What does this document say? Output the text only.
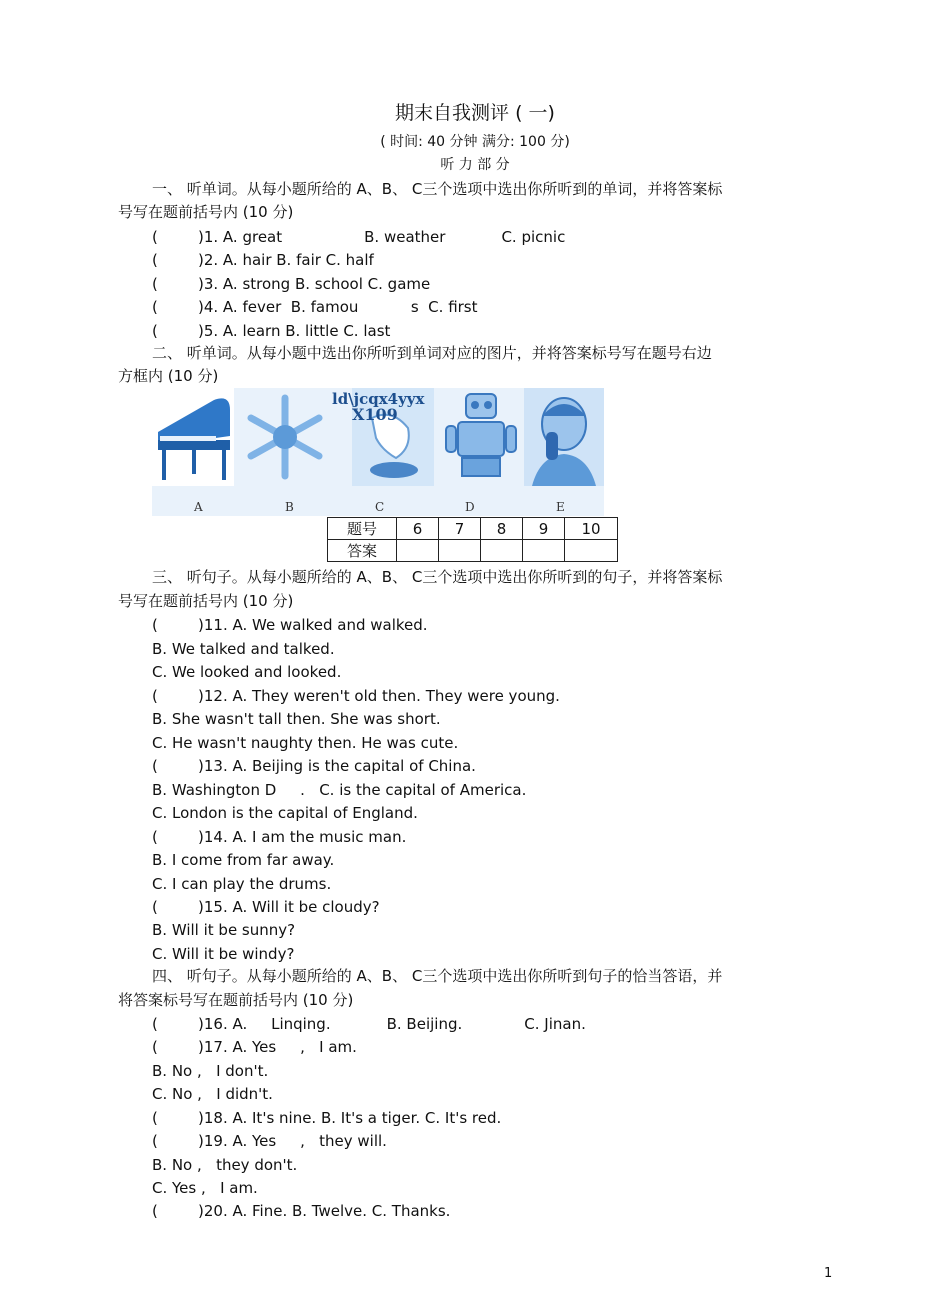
期末自我测评 ( 一)
( 时间: 40 分钟 满分: 100 分)
听 力 部 分
一、 听单词。从每小题所给的 A、B、 C三个选项中选出你所听到的单词，并将答案标
号写在题前括号内 (10 分)
(	)1. A. great	B. weather	C. picnic
(	)2. A. hair B. fair C. half
(	)3. A. strong B. school C. game
(	)4. A. fever  B. famou           s  C. first
(	)5. A. learn B. little C. last
二、 听单词。从每小题中选出你所听到单词对应的图片，并将答案标号写在题号右边
方框内 (10 分)
ld\jcqx4yyx
X109
A	B	C	D	E
题号	6	7	8	9	10
答案					
三、 听句子。从每小题所给的 A、B、 C三个选项中选出你所听到的句子，并将答案标
号写在题前括号内 (10 分)
(	)11. A. We walked and walked.
B. We talked and talked.
C. We looked and looked.
(	)12. A. They weren't old then. They were young.
B. She wasn't tall then. She was short.
C. He wasn't naughty then. He was cute.
(	)13. A. Beijing is the capital of China.
B. Washington D     .   C. is the capital of America.
C. London is the capital of England.
(	)14. A. I am the music man.
B. I come from far away.
C. I can play the drums.
(	)15. A. Will it be cloudy?
B. Will it be sunny?
C. Will it be windy?
四、 听句子。从每小题所给的 A、B、 C三个选项中选出你所听到句子的恰当答语，并
将答案标号写在题前括号内 (10 分)
(	)16. A.     Linqing.	B. Beijing.	C. Jinan.
(	)17. A. Yes     ,   I am.
B. No ,   I don't.
C. No ,   I didn't.
(	)18. A. It's nine. B. It's a tiger. C. It's red.
(	)19. A. Yes     ,   they will.
B. No ,   they don't.
C. Yes ,   I am.
(	)20. A. Fine. B. Twelve. C. Thanks.
1
